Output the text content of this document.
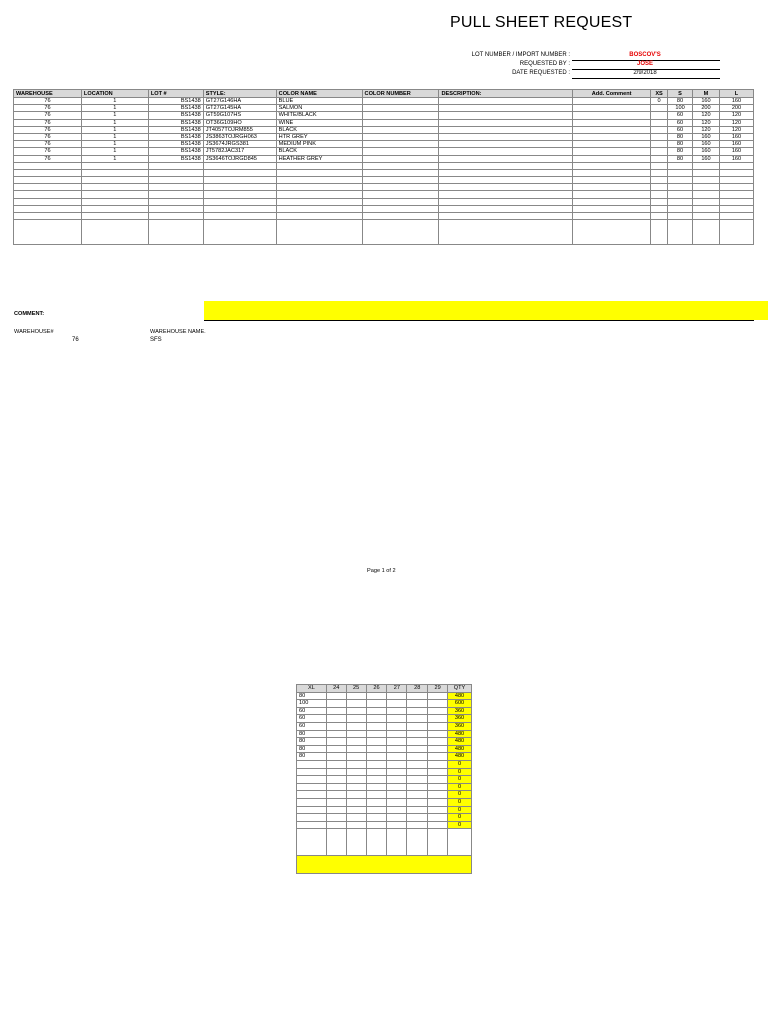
PULL SHEET REQUEST
LOT NUMBER / IMPORT NUMBER :	BOSCOV'S
REQUESTED BY :	JOSE
DATE REQUESTED :	2/9/2018
WAREHOUSE	LOCATION	LOT #	STYLE:	COLOR NAME	COLOR NUMBER	DESCRIPTION:	Add. Comment	XS	S	M	L
76	1	BS1438	GT27G146HA	BLUE				0	80	160	160
76	1	BS1438	GT27G145HA	SALMON					100	200	200
76	1	BS1438	GT59G107HS	WHITE/BLACK					60	120	120
76	1	BS1438	OT36G109HO	WINE					60	120	120
76	1	BS1438	JT4057TOJRM855	BLACK					60	120	120
76	1	BS1438	JS3863TOJRGH063	HTR GREY					80	160	160
76	1	BS1438	JS3674JRGS381	MEDIUM PINK					80	160	160
76	1	BS1438	JT5782JAC317	BLACK					80	160	160
76	1	BS1438	JS3646TOJRGD845	HEATHER GREY					80	160	160

COMMENT:
WAREHOUSE#
76
WAREHOUSE NAME.
SFS
Page 1 of 2
XL	24	25	26	27	28	29	QTY
80							480
100							600
60							360
60							360
60							360
80							480
80							480
80							480
80							480
							0
							0
							0
							0
							0
							0
							0
							0
							0
